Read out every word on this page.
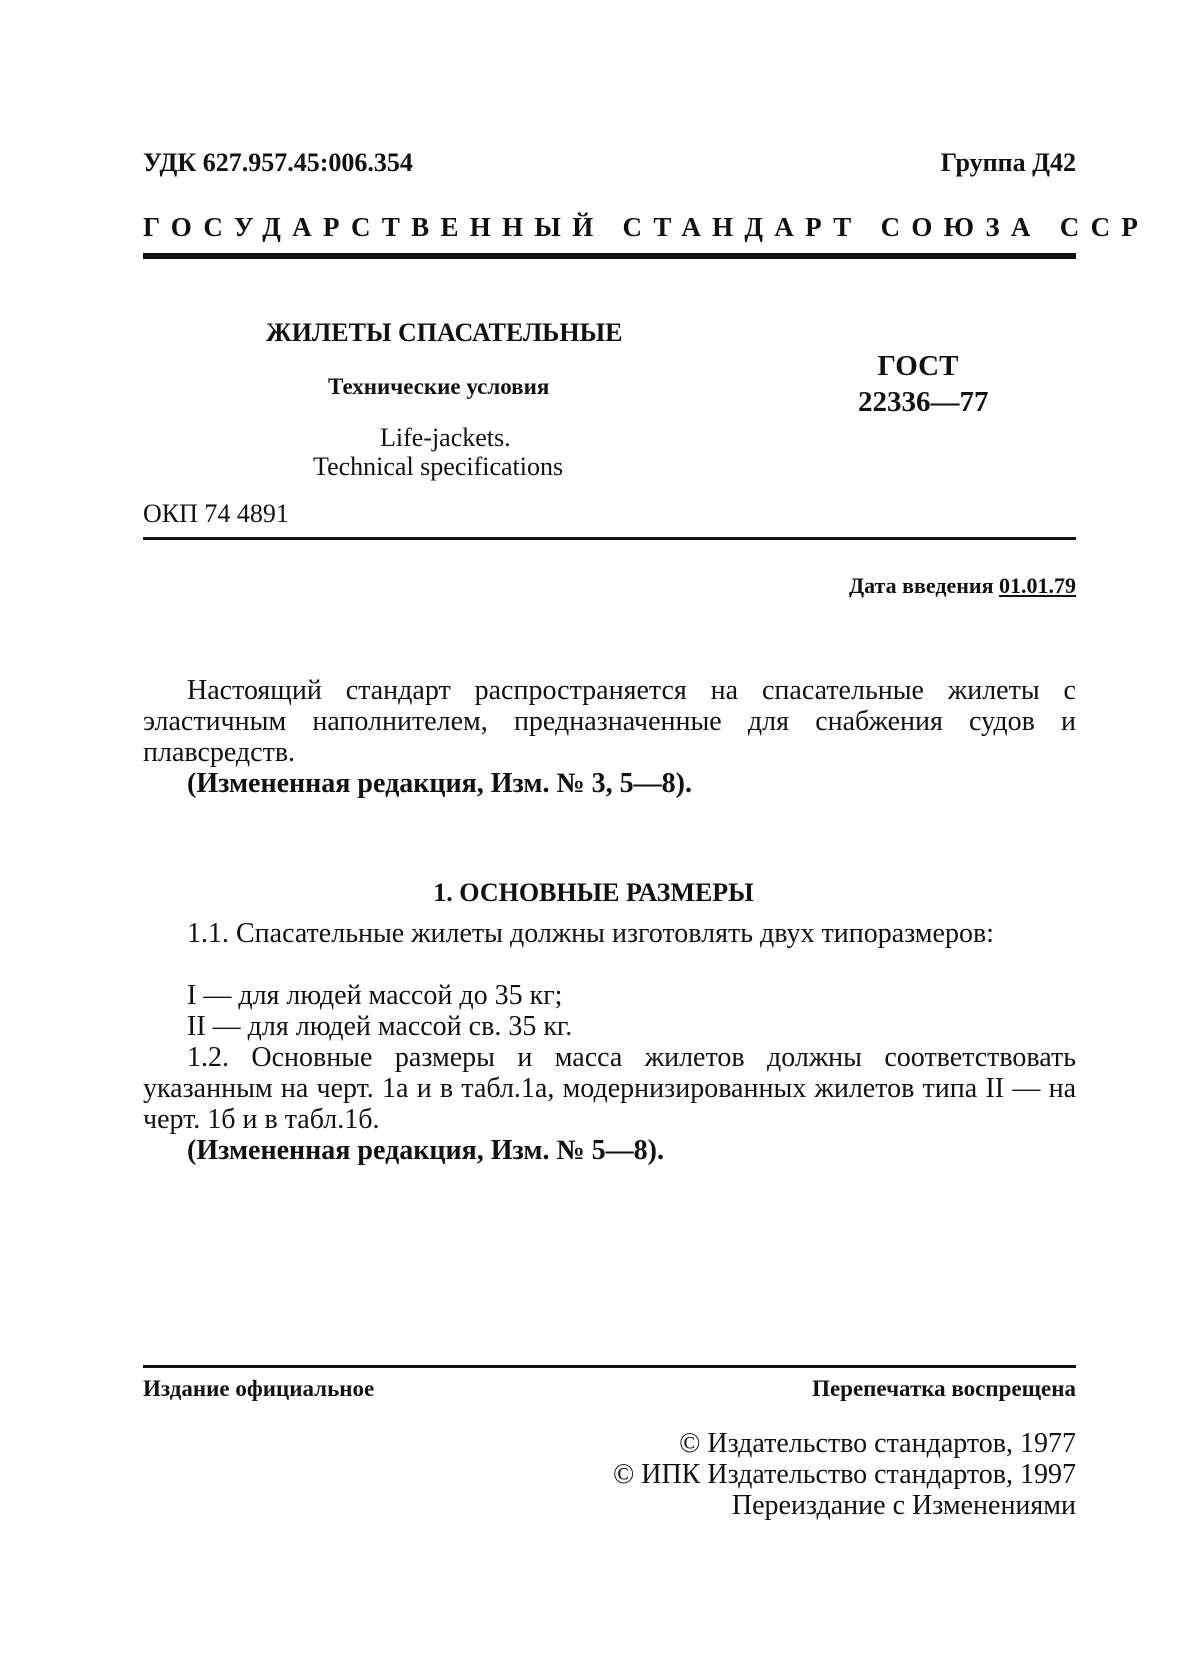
УДК 627.957.45:006.354	Группа Д42
ГОСУДАРСТВЕННЫЙ СТАНДАРТ СОЮЗА ССР
ЖИЛЕТЫ СПАСАТЕЛЬНЫЕ
Технические условия
Life-jackets.
Technical specifications
ГОСТ
22336—77
ОКП 74 4891
Дата введения 01.01.79
Настоящий стандарт распространяется на спасательные жилеты с эластичным наполнителем, предназначенные для снабжения судов и плавсредств.
(Измененная редакция, Изм. № 3, 5—8).
1. ОСНОВНЫЕ РАЗМЕРЫ
1.1. Спасательные жилеты должны изготовлять двух типоразмеров:
I — для людей массой до 35 кг;
II — для людей массой св. 35 кг.
1.2. Основные размеры и масса жилетов должны соответствовать указанным на черт. 1а и в табл.1а, модернизированных жилетов типа II — на черт. 1б и в табл.1б.
(Измененная редакция, Изм. № 5—8).
Издание официальное	Перепечатка воспрещена
© Издательство стандартов, 1977
© ИПК Издательство стандартов, 1997
Переиздание с Изменениями
